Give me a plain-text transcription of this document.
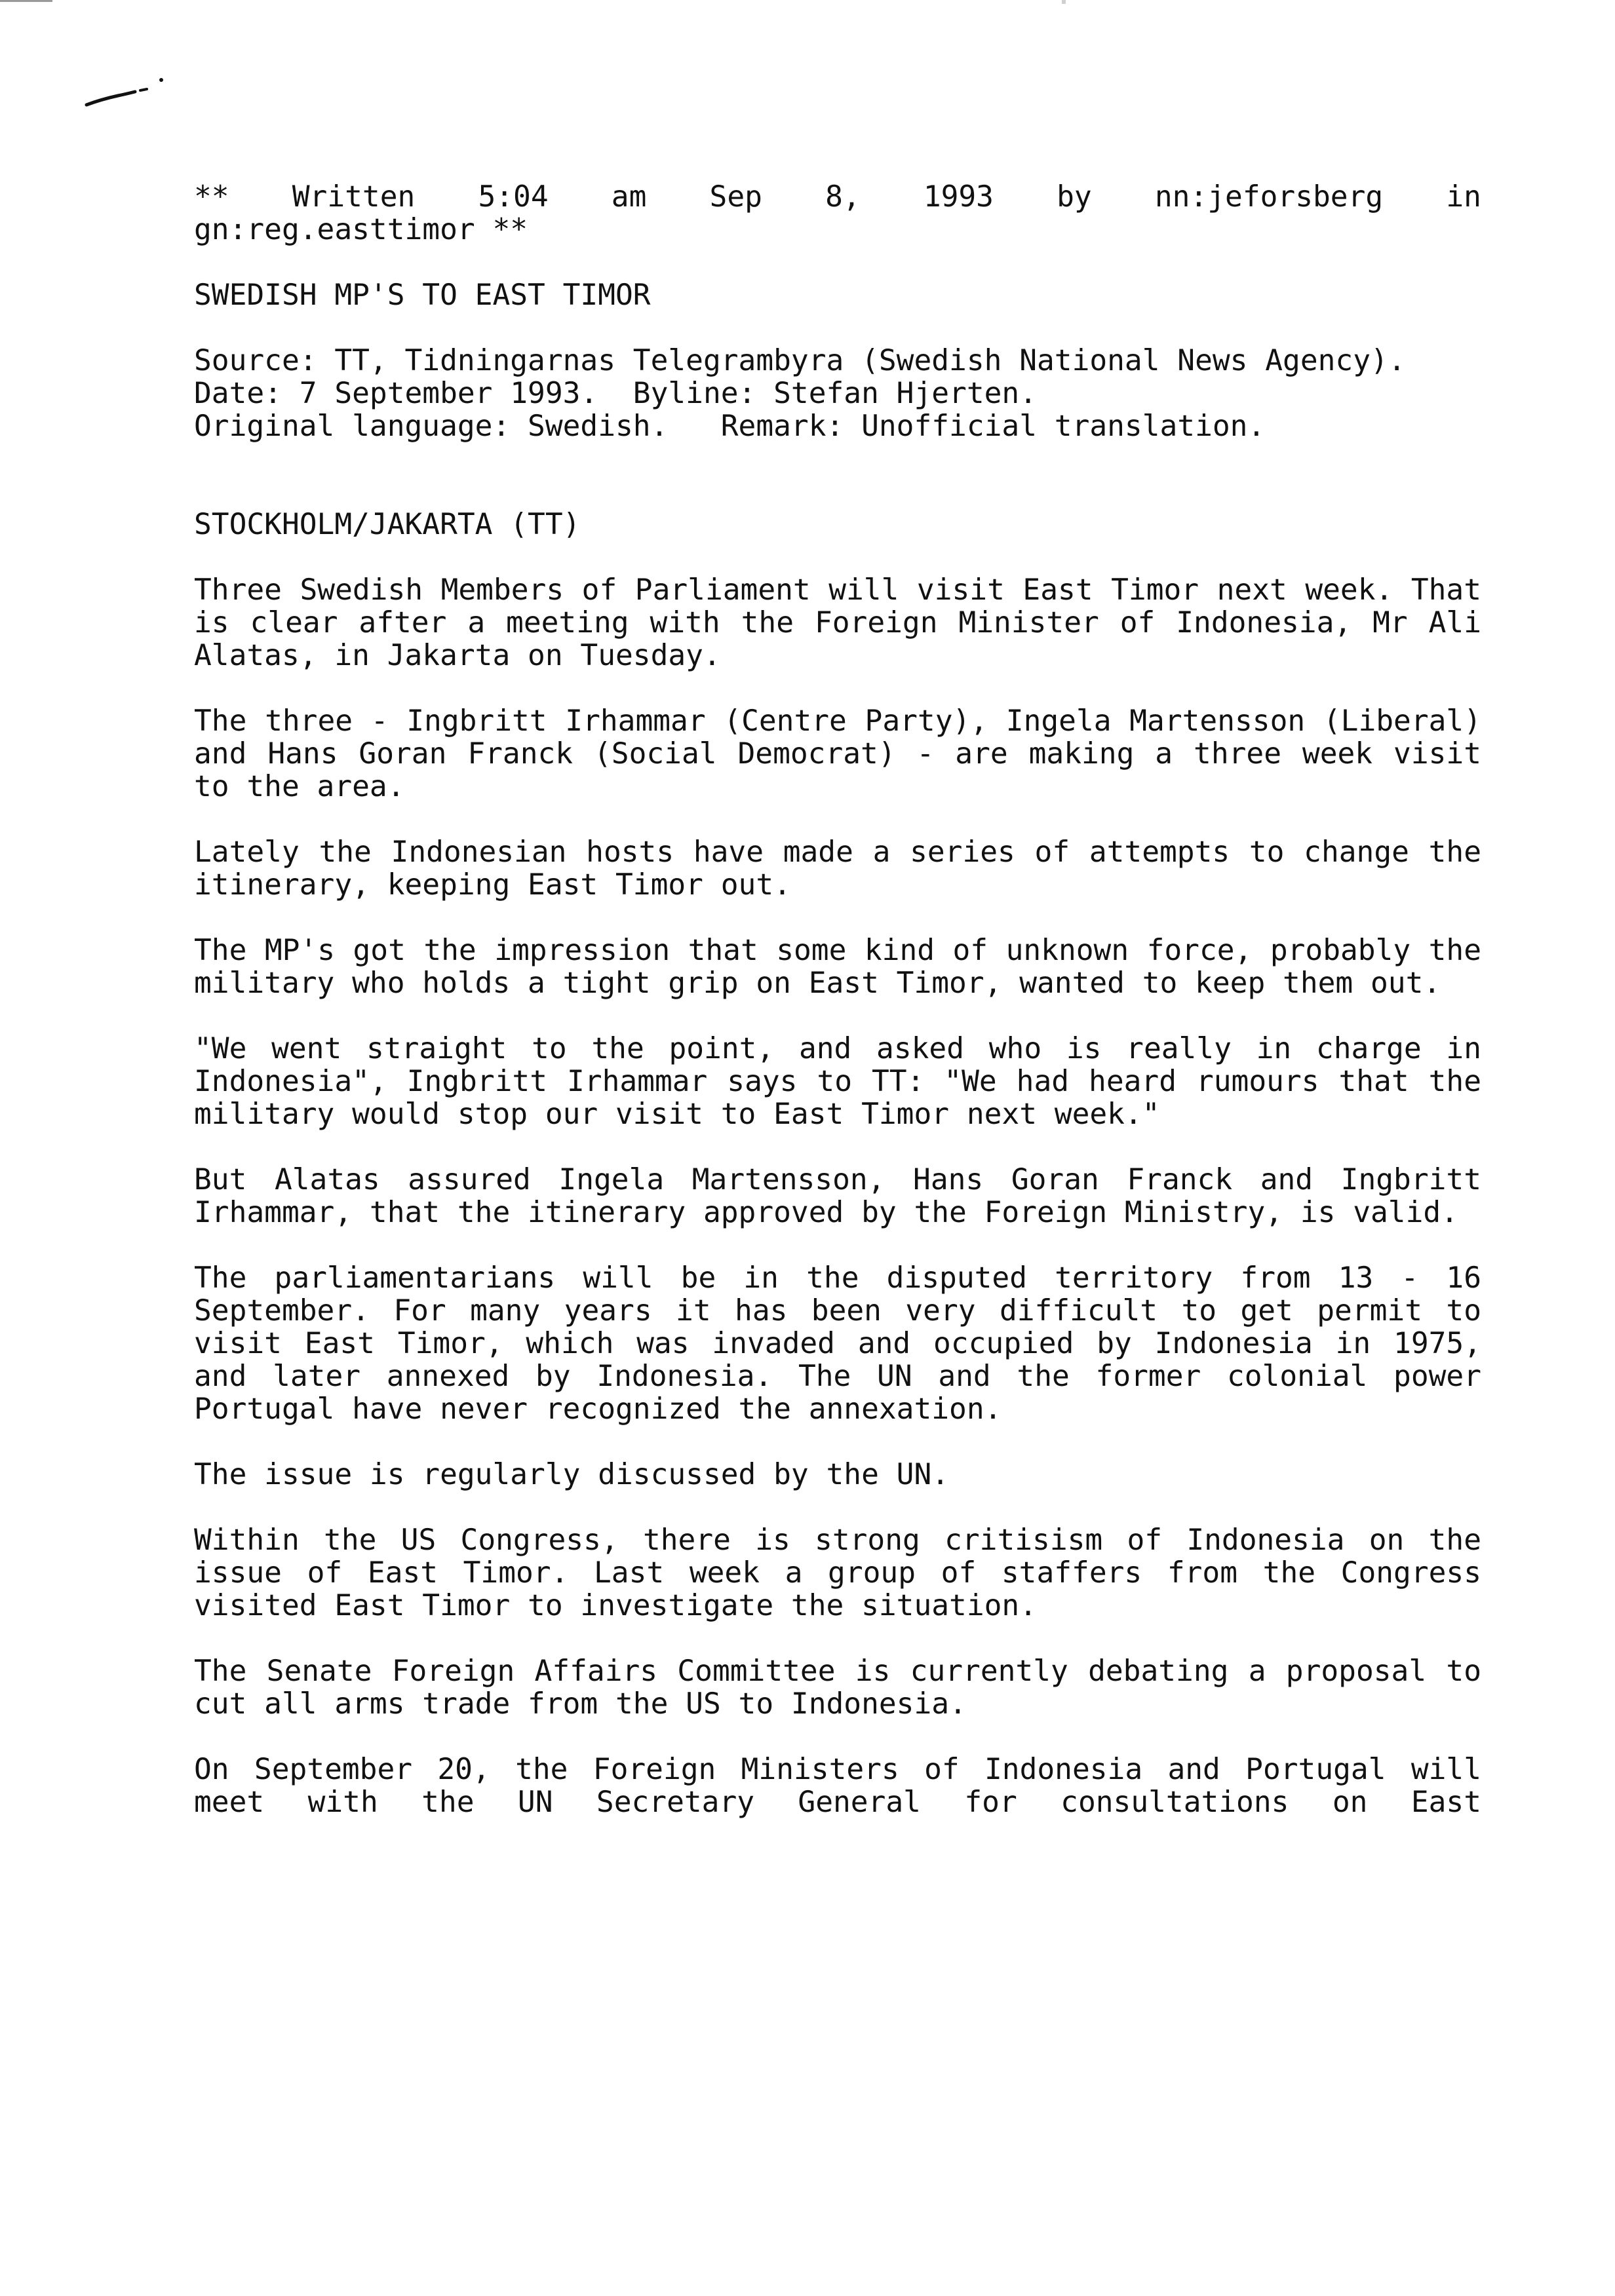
** Written 5:04 am Sep 8, 1993 by nn:jeforsberg in
gn:reg.easttimor **
SWEDISH MP'S TO EAST TIMOR

Source: TT, Tidningarnas Telegrambyra (Swedish National News Agency).

Date: 7 September 1993.  Byline: Stefan Hjerten.
Original language: Swedish.   Remark: Unofficial translation.
STOCKHOLM/JAKARTA (TT)

Three Swedish Members of Parliament will visit East Timor next week. That is clear after a meeting with the Foreign Minister of Indonesia, Mr Ali Alatas, in Jakarta on Tuesday.

The three - Ingbritt Irhammar (Centre Party), Ingela Martensson (Liberal) and Hans Goran Franck (Social Democrat) - are making a three week visit to the area.

Lately the Indonesian hosts have made a series of attempts to change the itinerary, keeping East Timor out.

The MP's got the impression that some kind of unknown force, probably the military who holds a tight grip on East Timor, wanted to keep them out.

"We went straight to the point, and asked who is really in charge in Indonesia", Ingbritt Irhammar says to TT: "We had heard rumours that the military would stop our visit to East Timor next week."

But Alatas assured Ingela Martensson, Hans Goran Franck and Ingbritt Irhammar, that the itinerary approved by the Foreign Ministry, is valid.

The parliamentarians will be in the disputed territory from 13 - 16 September. For many years it has been very difficult to get permit to visit East Timor, which was invaded and occupied by Indonesia in 1975, and later annexed by Indonesia. The UN and the former colonial power Portugal have never recognized the annexation.

The issue is regularly discussed by the UN.

Within the US Congress, there is strong critisism of Indonesia on the issue of East Timor. Last week a group of staffers from the Congress visited East Timor to investigate the situation.

The Senate Foreign Affairs Committee is currently debating a proposal to cut all arms trade from the US to Indonesia.

On September 20, the Foreign Ministers of Indonesia and Portugal will meet with the UN Secretary General for consultations on East
